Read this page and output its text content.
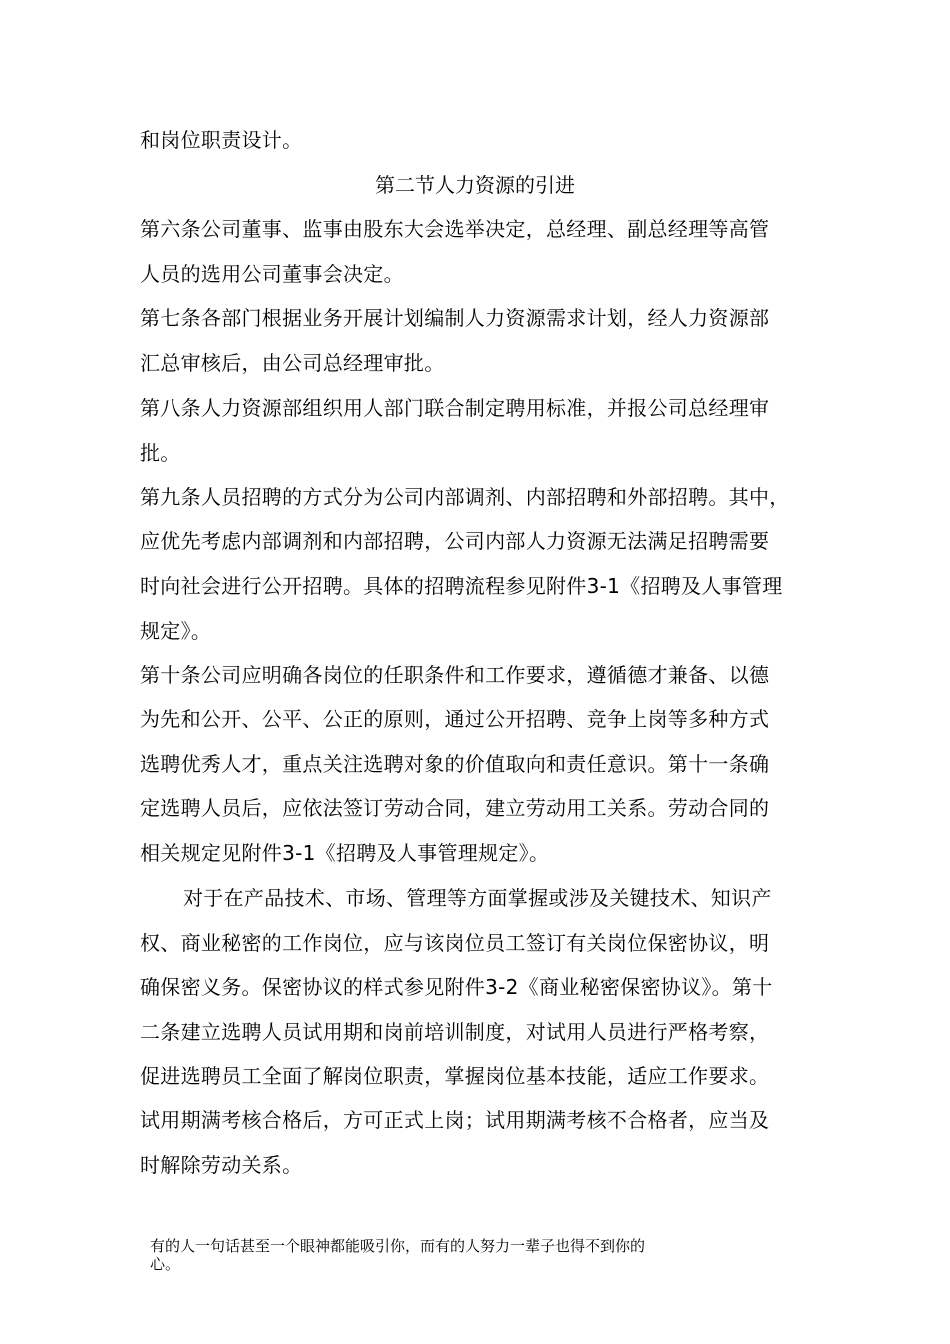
和岗位职责设计。
第二节人力资源的引进
第六条公司董事、监事由股东大会选举决定，总经理、副总经理等高管
人员的选用公司董事会决定。
第七条各部门根据业务开展计划编制人力资源需求计划，经人力资源部
汇总审核后，由公司总经理审批。
第八条人力资源部组织用人部门联合制定聘用标准，并报公司总经理审
批。
第九条人员招聘的方式分为公司内部调剂、内部招聘和外部招聘。其中，
应优先考虑内部调剂和内部招聘，公司内部人力资源无法满足招聘需要
时向社会进行公开招聘。具体的招聘流程参见附件3-1《招聘及人事管理
规定》。
第十条公司应明确各岗位的任职条件和工作要求，遵循德才兼备、以德
为先和公开、公平、公正的原则，通过公开招聘、竞争上岗等多种方式
选聘优秀人才，重点关注选聘对象的价值取向和责任意识。第十一条确
定选聘人员后，应依法签订劳动合同，建立劳动用工关系。劳动合同的
相关规定见附件3-1《招聘及人事管理规定》。
对于在产品技术、市场、管理等方面掌握或涉及关键技术、知识产
权、商业秘密的工作岗位，应与该岗位员工签订有关岗位保密协议，明
确保密义务。保密协议的样式参见附件3-2《商业秘密保密协议》。第十
二条建立选聘人员试用期和岗前培训制度，对试用人员进行严格考察，
促进选聘员工全面了解岗位职责，掌握岗位基本技能，适应工作要求。
试用期满考核合格后，方可正式上岗；试用期满考核不合格者，应当及
时解除劳动关系。
有的人一句话甚至一个眼神都能吸引你，而有的人努力一辈子也得不到你的
心。
